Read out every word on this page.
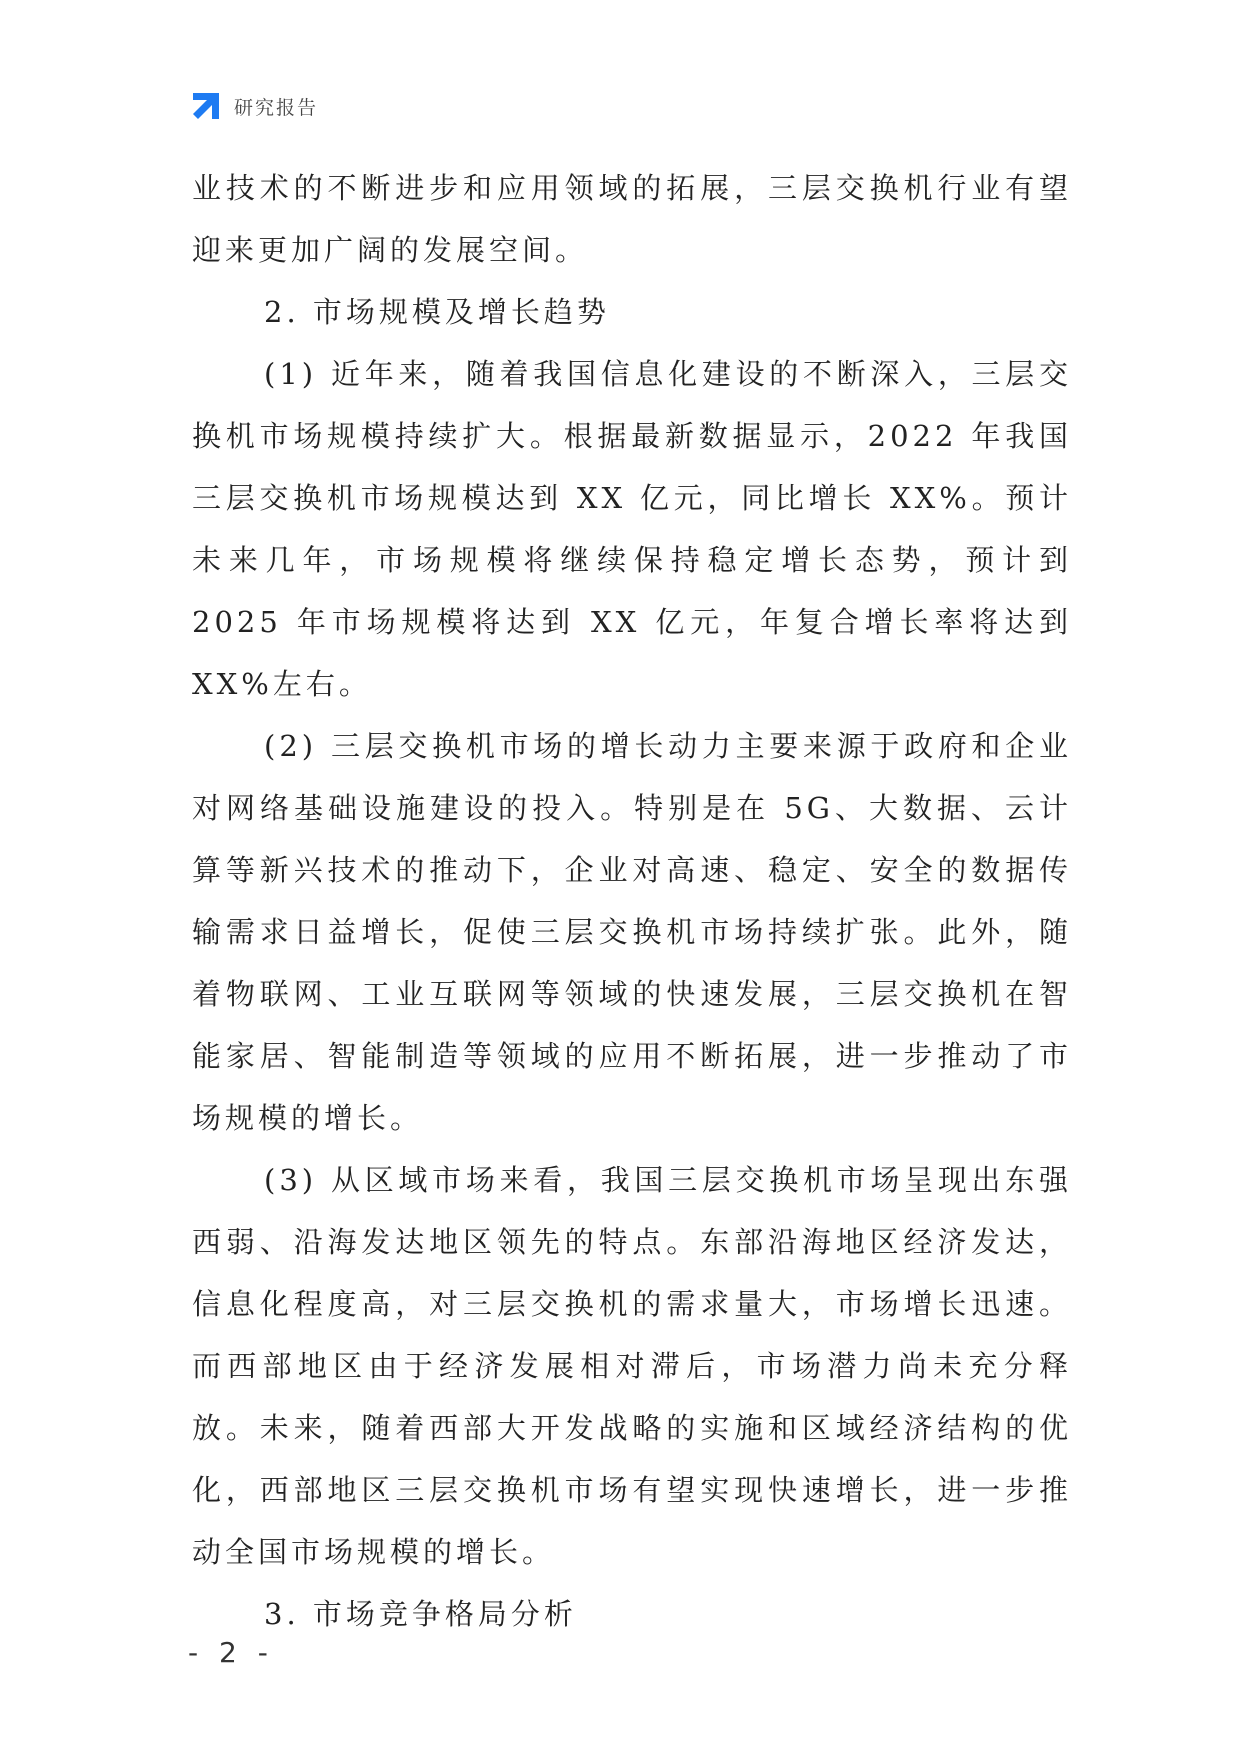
研究报告

业技术的不断进步和应用领域的拓展，三层交换机行业有望迎来更加广阔的发展空间。

2. 市场规模及增长趋势

(1) 近年来，随着我国信息化建设的不断深入，三层交换机市场规模持续扩大。根据最新数据显示，2022 年我国三层交换机市场规模达到 XX 亿元，同比增长 XX%。预计未来几年，市场规模将继续保持稳定增长态势，预计到 2025 年市场规模将达到 XX 亿元，年复合增长率将达到 XX%左右。

(2) 三层交换机市场的增长动力主要来源于政府和企业对网络基础设施建设的投入。特别是在 5G、大数据、云计算等新兴技术的推动下，企业对高速、稳定、安全的数据传输需求日益增长，促使三层交换机市场持续扩张。此外，随着物联网、工业互联网等领域的快速发展，三层交换机在智能家居、智能制造等领域的应用不断拓展，进一步推动了市场规模的增长。

(3) 从区域市场来看，我国三层交换机市场呈现出东强西弱、沿海发达地区领先的特点。东部沿海地区经济发达，信息化程度高，对三层交换机的需求量大，市场增长迅速。而西部地区由于经济发展相对滞后，市场潜力尚未充分释放。未来，随着西部大开发战略的实施和区域经济结构的优化，西部地区三层交换机市场有望实现快速增长，进一步推动全国市场规模的增长。

3. 市场竞争格局分析

- 2 -
